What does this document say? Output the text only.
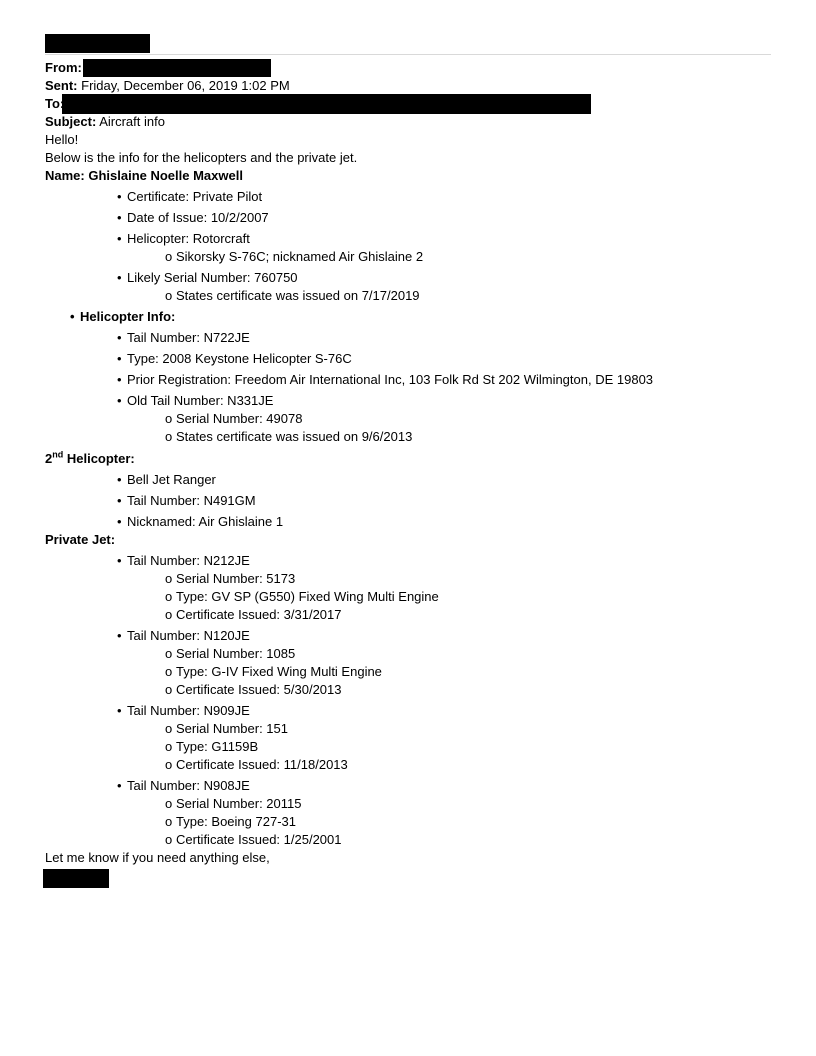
From:
Sent: Friday, December 06, 2019 1:02 PM
To:
Subject: Aircraft info
Hello!
Below is the info for the helicopters and the private jet.
Name: Ghislaine Noelle Maxwell
• Certificate: Private Pilot
• Date of Issue: 10/2/2007
• Helicopter: Rotorcraft
o Sikorsky S-76C; nicknamed Air Ghislaine 2
• Likely Serial Number: 760750
o States certificate was issued on 7/17/2019
• Helicopter Info:
• Tail Number: N722JE
• Type: 2008 Keystone Helicopter S-76C
• Prior Registration: Freedom Air International Inc, 103 Folk Rd St 202 Wilmington, DE 19803
• Old Tail Number: N331JE
o Serial Number: 49078
o States certificate was issued on 9/6/2013
2nd Helicopter:
• Bell Jet Ranger
• Tail Number: N491GM
• Nicknamed: Air Ghislaine 1
Private Jet:
• Tail Number: N212JE
o Serial Number: 5173
o Type: GV SP (G550) Fixed Wing Multi Engine
o Certificate Issued: 3/31/2017
• Tail Number: N120JE
o Serial Number: 1085
o Type: G-IV Fixed Wing Multi Engine
o Certificate Issued: 5/30/2013
• Tail Number: N909JE
o Serial Number: 151
o Type: G1159B
o Certificate Issued: 11/18/2013
• Tail Number: N908JE
o Serial Number: 20115
o Type: Boeing 727-31
o Certificate Issued: 1/25/2001
Let me know if you need anything else,
